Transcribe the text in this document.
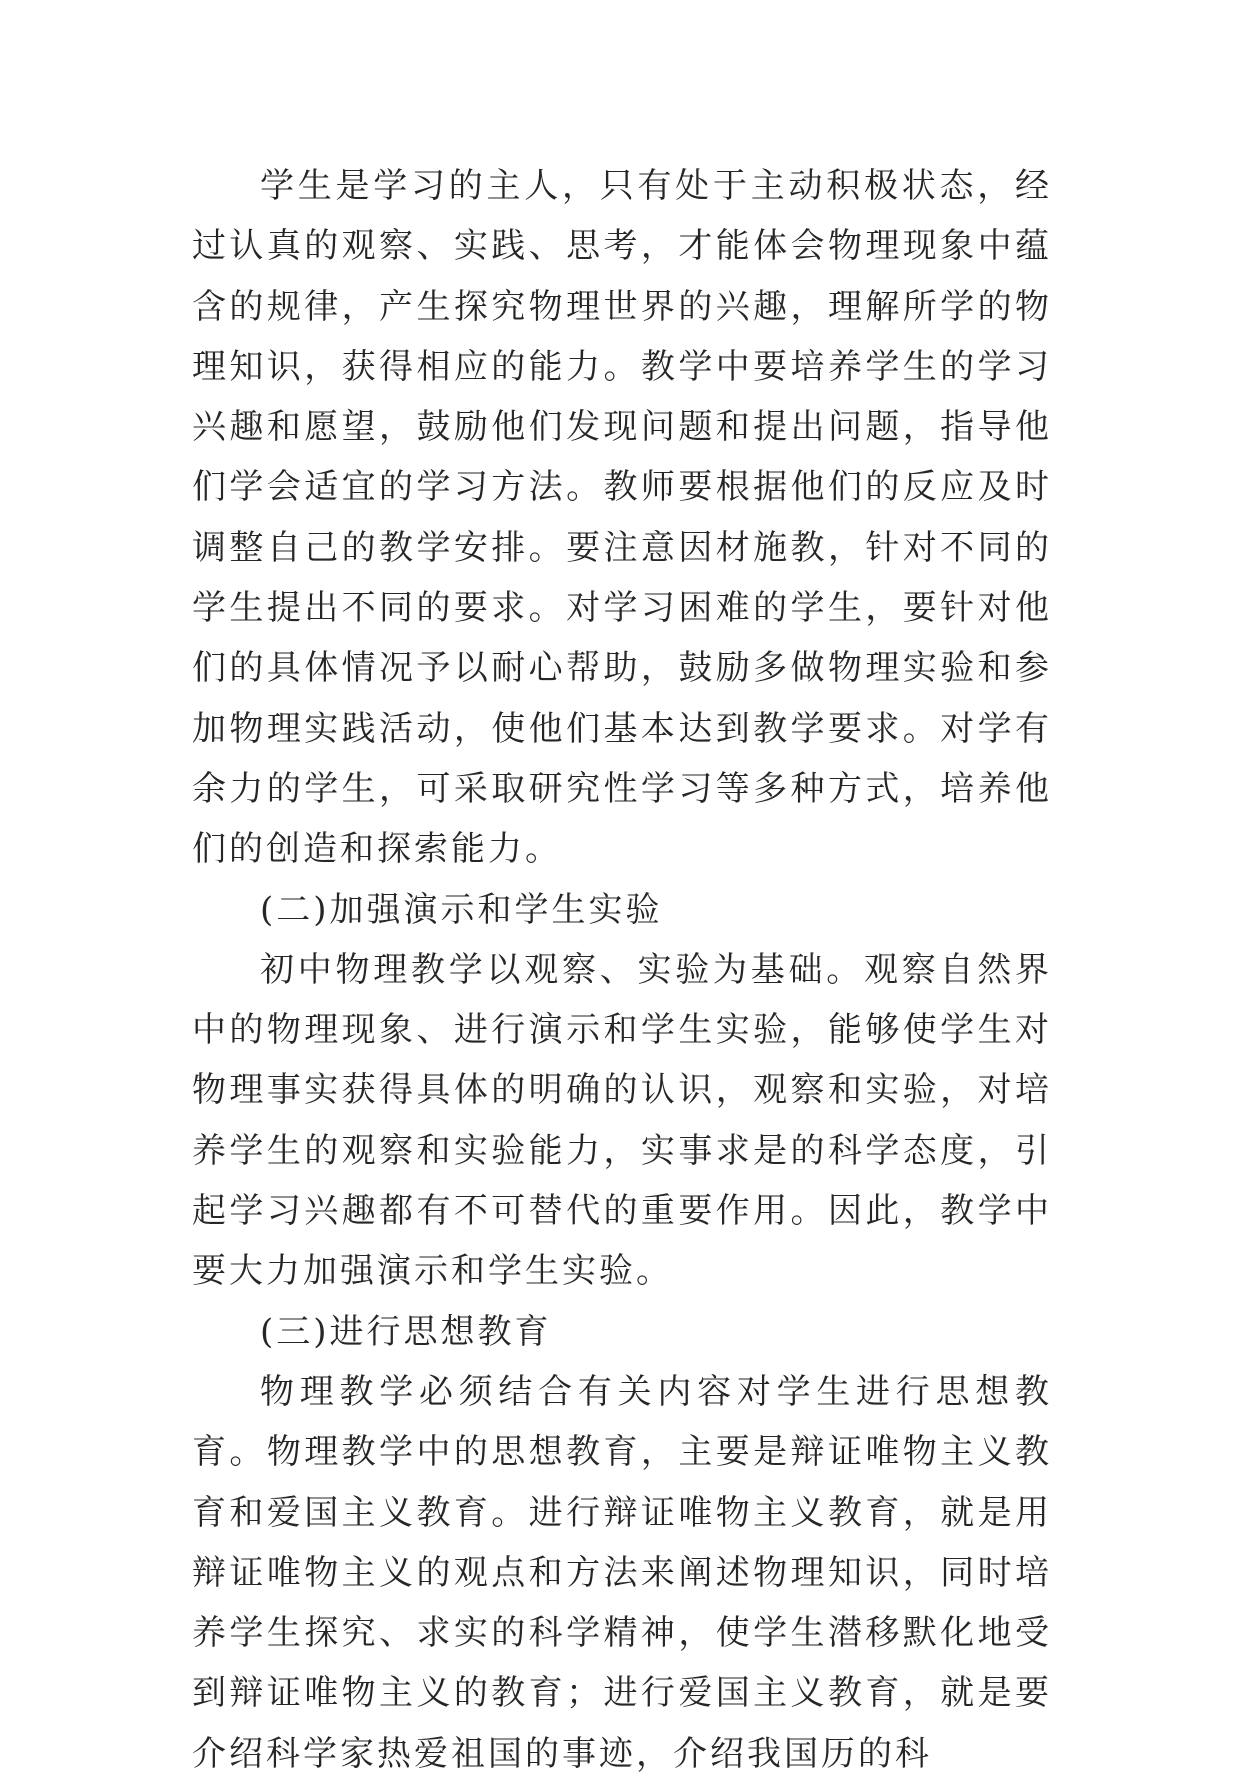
学生是学习的主人，只有处于主动积极状态，经过认真的观察、实践、思考，才能体会物理现象中蕴含的规律，产生探究物理世界的兴趣，理解所学的物理知识，获得相应的能力。教学中要培养学生的学习兴趣和愿望，鼓励他们发现问题和提出问题，指导他们学会适宜的学习方法。教师要根据他们的反应及时调整自己的教学安排。要注意因材施教，针对不同的学生提出不同的要求。对学习困难的学生，要针对他们的具体情况予以耐心帮助，鼓励多做物理实验和参加物理实践活动，使他们基本达到教学要求。对学有余力的学生，可采取研究性学习等多种方式，培养他们的创造和探索能力。

(二)加强演示和学生实验

初中物理教学以观察、实验为基础。观察自然界中的物理现象、进行演示和学生实验，能够使学生对物理事实获得具体的明确的认识，观察和实验，对培养学生的观察和实验能力，实事求是的科学态度，引起学习兴趣都有不可替代的重要作用。因此，教学中要大力加强演示和学生实验。

(三)进行思想教育

物理教学必须结合有关内容对学生进行思想教育。物理教学中的思想教育，主要是辩证唯物主义教育和爱国主义教育。进行辩证唯物主义教育，就是用辩证唯物主义的观点和方法来阐述物理知识，同时培养学生探究、求实的科学精神，使学生潜移默化地受到辩证唯物主义的教育；进行爱国主义教育，就是要介绍科学家热爱祖国的事迹，介绍我国历的科
